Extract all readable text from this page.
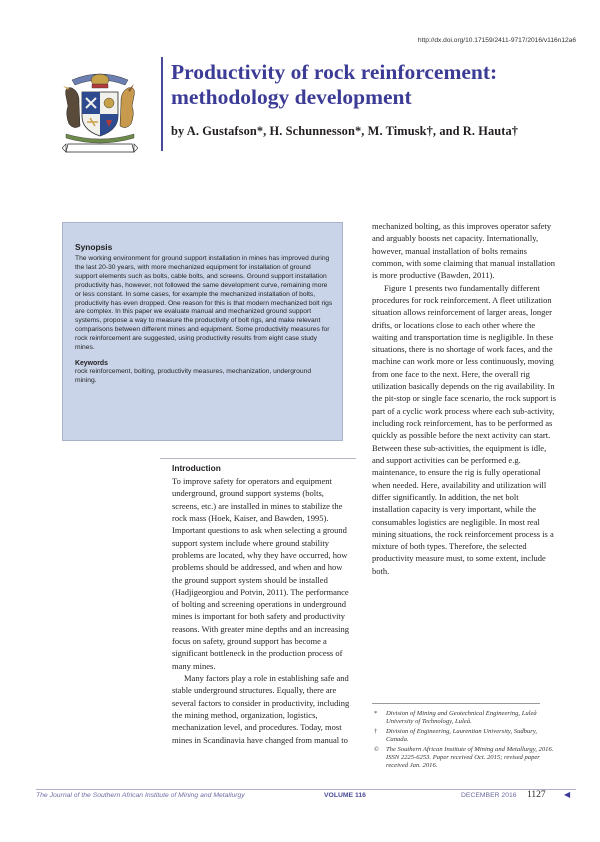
http://dx.doi.org/10.17159/2411-9717/2016/v116n12a6
Productivity of rock reinforcement: methodology development

by A. Gustafson*, H. Schunnesson*, M. Timusk†, and R. Hauta†

Synopsis

The working environment for ground support installation in mines has improved during the last 20-30 years, with more mechanized equipment for installation of ground support elements such as bolts, cable bolts, and screens. Ground support installation productivity has, however, not followed the same development curve, remaining more or less constant. In some cases, for example the mechanized installation of bolts, productivity has even dropped. One reason for this is that modern mechanized bolt rigs are complex. In this paper we evaluate manual and mechanized ground support systems, propose a way to measure the productivity of bolt rigs, and make relevant comparisons between different mines and equipment. Some productivity measures for rock reinforcement are suggested, using productivity results from eight case study mines.

Keywords

rock reinforcement, bolting, productivity measures, mechanization, underground mining.

Introduction

To improve safety for operators and equipment underground, ground support systems (bolts, screens, etc.) are installed in mines to stabilize the rock mass (Hoek, Kaiser, and Bawden, 1995). Important questions to ask when selecting a ground support system include where ground stability problems are located, why they have occurred, how problems should be addressed, and when and how the ground support system should be installed (Hadjigeorgiou and Potvin, 2011). The performance of bolting and screening operations in underground mines is important for both safety and productivity reasons. With greater mine depths and an increasing focus on safety, ground support has become a significant bottleneck in the production process of many mines.

Many factors play a role in establishing safe and stable underground structures. Equally, there are several factors to consider in productivity, including the mining method, organization, logistics, mechanization level, and procedures. Today, most mines in Scandinavia have changed from manual to

mechanized bolting, as this improves operator safety and arguably boosts net capacity. Internationally, however, manual installation of bolts remains common, with some claiming that manual installation is more productive (Bawden, 2011).

Figure 1 presents two fundamentally different procedures for rock reinforcement. A fleet utilization situation allows reinforcement of larger areas, longer drifts, or locations close to each other where the waiting and transportation time is negligible. In these situations, there is no shortage of work faces, and the machine can work more or less continuously, moving from one face to the next. Here, the overall rig utilization basically depends on the rig availability. In the pit-stop or single face scenario, the rock support is part of a cyclic work process where each sub-activity, including rock reinforcement, has to be performed as quickly as possible before the next activity can start. Between these sub-activities, the equipment is idle, and support activities can be performed e.g. maintenance, to ensure the rig is fully operational when needed. Here, availability and utilization will differ significantly. In addition, the net bolt installation capacity is very important, while the consumables logistics are negligible. In most real mining situations, the rock reinforcement process is a mixture of both types. Therefore, the selected productivity measure must, to some extent, include both.

* Division of Mining and Geotechnical Engineering, Luleå University of Technology, Luleå.
† Division of Engineering, Laurentian University, Sudbury, Canada.
© The Southern African Institute of Mining and Metallurgy, 2016. ISSN 2225-6253. Paper received Oct. 2015; revised paper received Jan. 2016.
The Journal of the Southern African Institute of Mining and Metallurgy	VOLUME 116	DECEMBER 2016 1127 ◀
